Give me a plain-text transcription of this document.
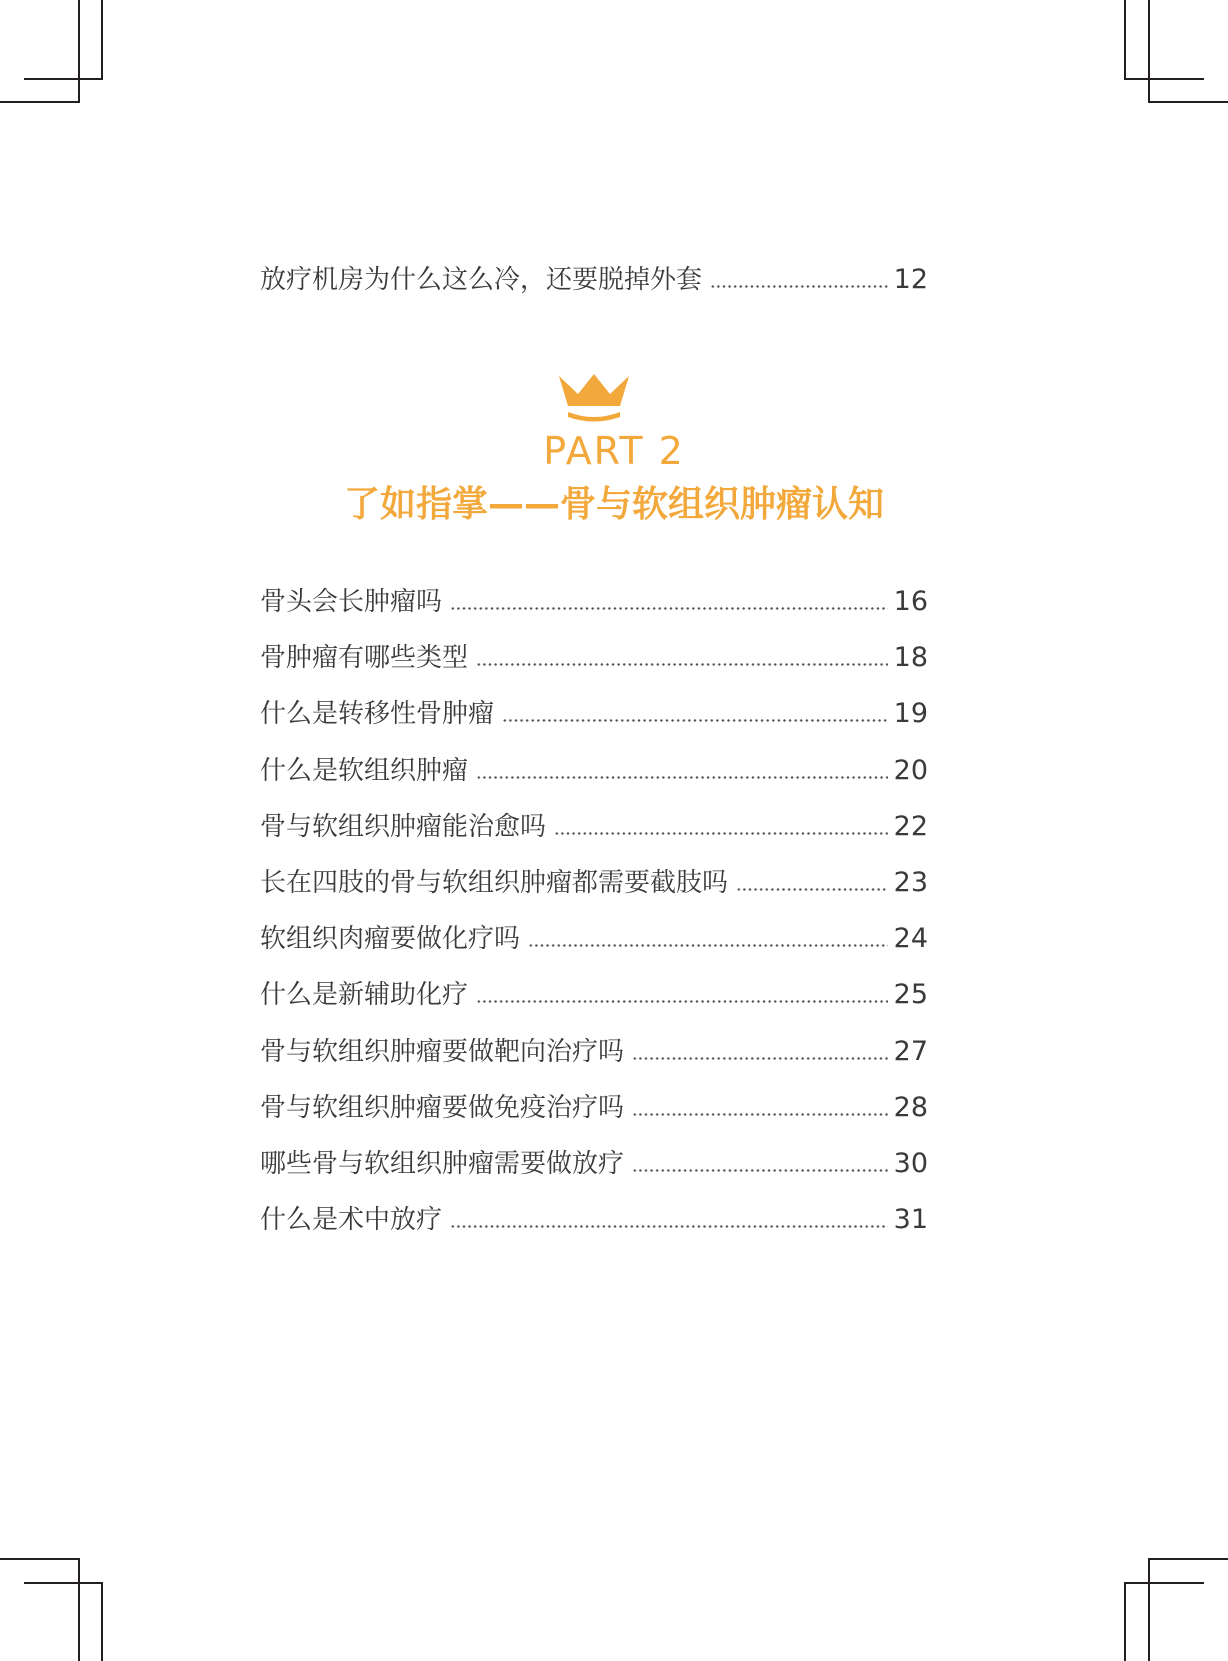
放疗机房为什么这么冷，还要脱掉外套	12
PART 2
了如指掌——骨与软组织肿瘤认知
骨头会长肿瘤吗	16
骨肿瘤有哪些类型	18
什么是转移性骨肿瘤	19
什么是软组织肿瘤	20
骨与软组织肿瘤能治愈吗	22
长在四肢的骨与软组织肿瘤都需要截肢吗	23
软组织肉瘤要做化疗吗	24
什么是新辅助化疗	25
骨与软组织肿瘤要做靶向治疗吗	27
骨与软组织肿瘤要做免疫治疗吗	28
哪些骨与软组织肿瘤需要做放疗	30
什么是术中放疗	31
